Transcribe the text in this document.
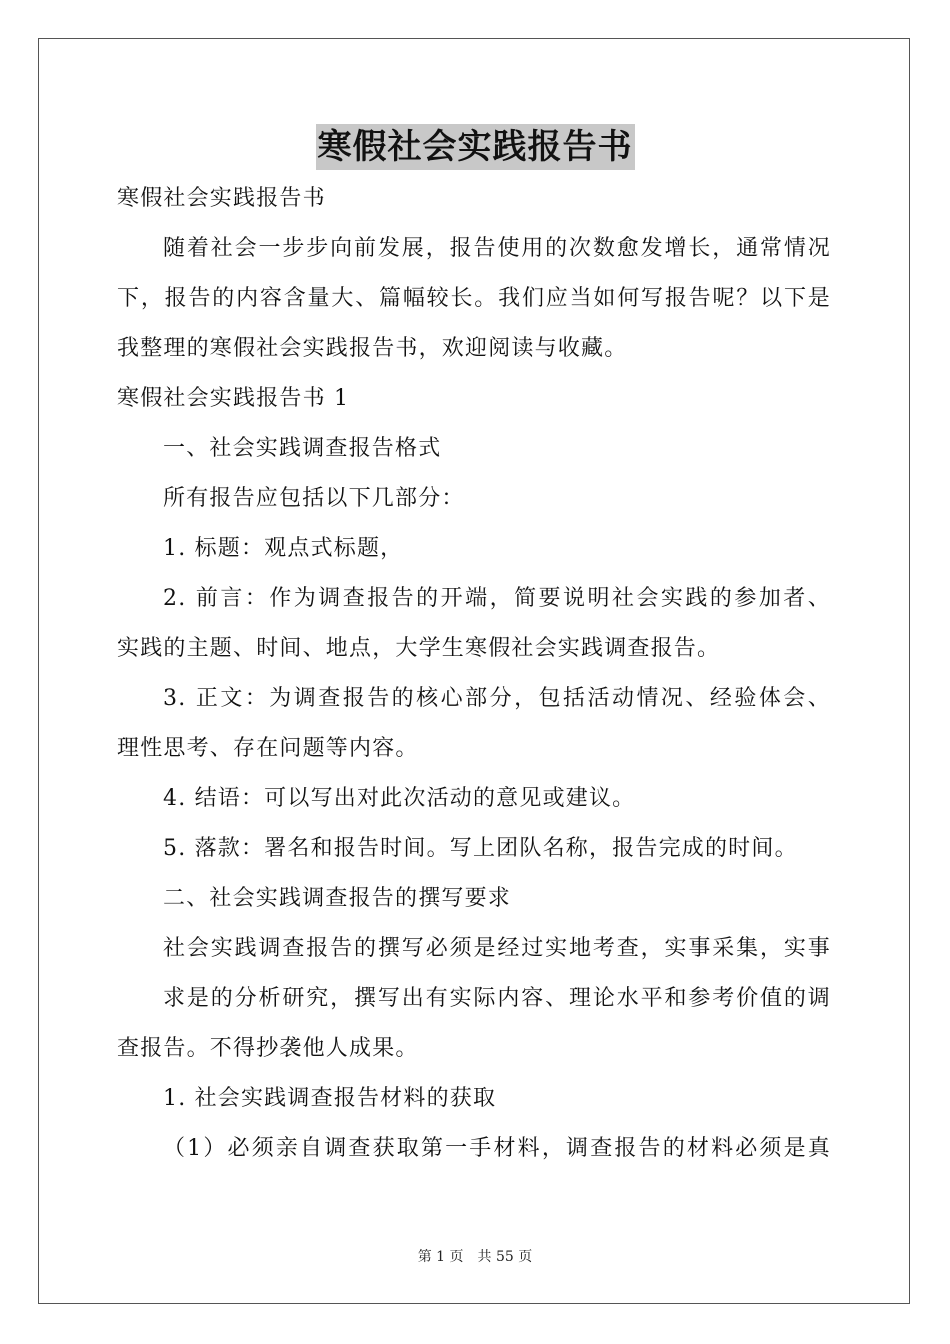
寒假社会实践报告书
寒假社会实践报告书
随着社会一步步向前发展，报告使用的次数愈发增长，通常情况
下，报告的内容含量大、篇幅较长。我们应当如何写报告呢？以下是
我整理的寒假社会实践报告书，欢迎阅读与收藏。
寒假社会实践报告书 1
一、社会实践调查报告格式
所有报告应包括以下几部分：
1. 标题：观点式标题，
2. 前言：作为调查报告的开端，简要说明社会实践的参加者、
实践的主题、时间、地点，大学生寒假社会实践调查报告。
3. 正文：为调查报告的核心部分，包括活动情况、经验体会、
理性思考、存在问题等内容。
4. 结语：可以写出对此次活动的意见或建议。
5. 落款：署名和报告时间。写上团队名称，报告完成的时间。
二、社会实践调查报告的撰写要求
社会实践调查报告的撰写必须是经过实地考查，实事采集，实事
求是的分析研究，撰写出有实际内容、理论水平和参考价值的调
查报告。不得抄袭他人成果。
1. 社会实践调查报告材料的获取
（1）必须亲自调查获取第一手材料，调查报告的材料必须是真
第 1 页　共 55 页
